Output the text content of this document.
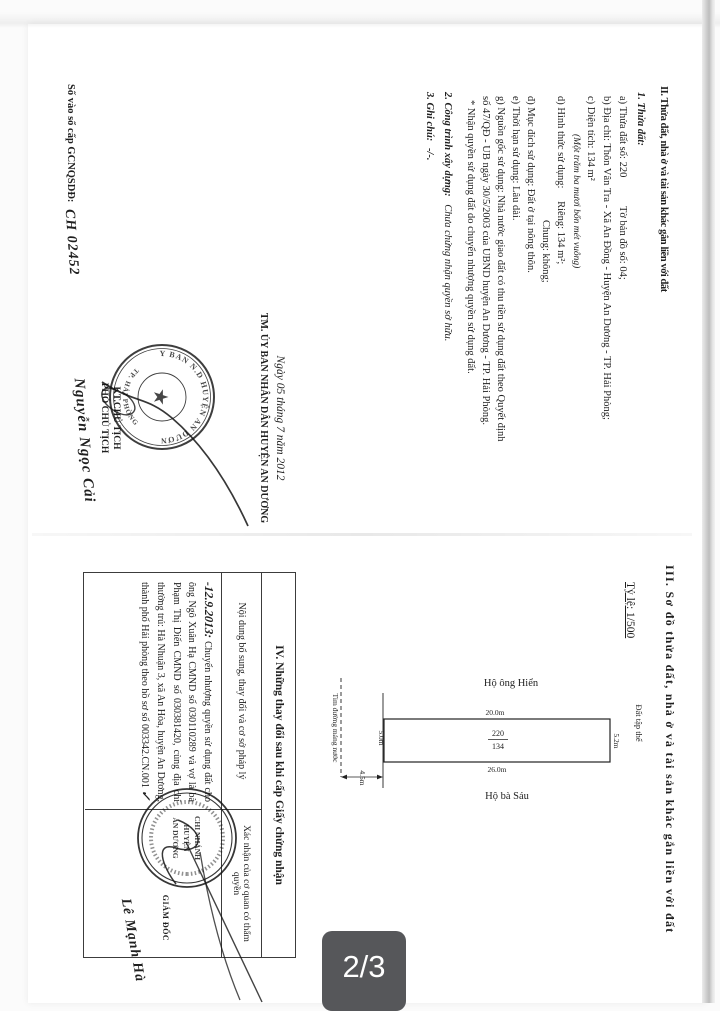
II. Thửa đất, nhà ở và tài sản khác gắn liền với đất
1. Thửa đất:
a) Thửa đất số: 220 Tờ bản đồ số: 04;
b) Địa chỉ: Thôn Vân Tra - Xã An Đồng - Huyện An Dương - TP. Hải Phòng;
c) Diện tích: 134 m²
(Một trăm ba mươi bốn mét vuông)
d) Hình thức sử dụng: Riêng: 134 m²;
Chung: không;
đ) Mục đích sử dụng: Đất ở tại nông thôn.
e) Thời hạn sử dụng: Lâu dài.
g) Nguồn gốc sử dụng: Nhà nước giao đất có thu tiền sử dụng đất theo Quyết định
số 47/QĐ - UB ngày 30/5/2003 của UBND huyện An Dương - TP. Hải Phòng.
* Nhận quyền sử dụng đất do chuyển nhượng quyền sử dụng đất.
2. Công trình xây dựng: Chưa chứng nhận quyền sở hữu.
3. Ghi chú: -/-.
Ngày 05 tháng 7 năm 2012
TM. ỦY BAN NHÂN DÂN HUYỆN AN DƯƠNG
KT.CHỦ TỊCH
PHÓ CHỦ TỊCH
Nguyễn Ngọc Cải
ỦY BAN N.D HUYỆN AN DƯƠNG
TP. HẢI PHÒNG
★
Số vào sổ cấp GCNQSDĐ: CH 02452
III. Sơ đồ thửa đất, nhà ở và tài sản khác gắn liền với đất
Tỷ lệ: 1/500
IV. Những thay đổi sau khi cấp Giấy chứng nhận
Nội dung bổ sung, thay đổi và cơ sở pháp lý
Xác nhận của cơ quan có thẩm quyền
-12.9.2013: Chuyển nhượng quyền sử dụng đất cho ông Ngô Xuân Hạ CMND số 030110289 và vợ là bà Phạm Thị Diến CMND số 030381420, cùng địa chỉ thường trú: Hà Nhuận 3, xã An Hòa, huyện An Dương, thành phố Hải phòng theo hồ sơ số 003342.CN.001 ✓
CHI NHÁNH
HUYỆN
AN DƯƠNG
GIÁM ĐỐC
Lê Mạnh Hà
Hộ ông Hiển
20.0m
26.0m
220
134
Hộ bà Sáu
5.0m	5.2m
4.5m
Đất tập thể
Tim đường máng nước
2/3
